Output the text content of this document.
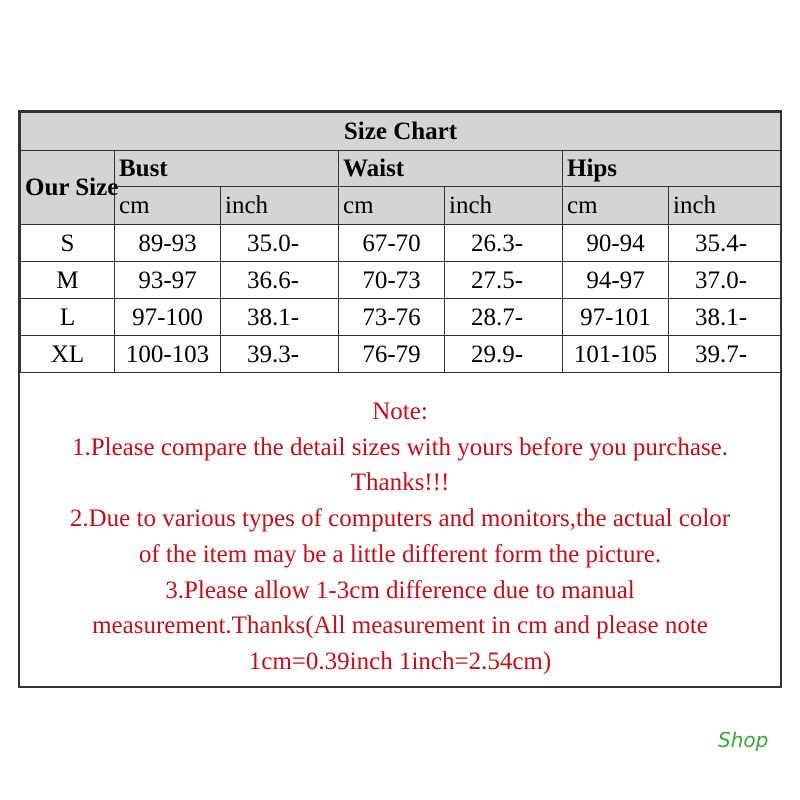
Size Chart						
Our Size	Bust		Waist		Hips	
	cm	inch	cm	inch	cm	inch
S	89-93	35.0-	67-70	26.3-	90-94	35.4-
M	93-97	36.6-	70-73	27.5-	94-97	37.0-
L	97-100	38.1-	73-76	28.7-	97-101	38.1-
XL	100-103	39.3-	76-79	29.9-	101-105	39.7-

Note:

1.Please compare the detail sizes with yours before you purchase.

Thanks!!!

2.Due to various types of computers and monitors,the actual color

of the item may be a little different form the picture.

3.Please allow 1-3cm difference due to manual

measurement.Thanks(All measurement in cm and please note

1cm=0.39inch 1inch=2.54cm)

Shop
